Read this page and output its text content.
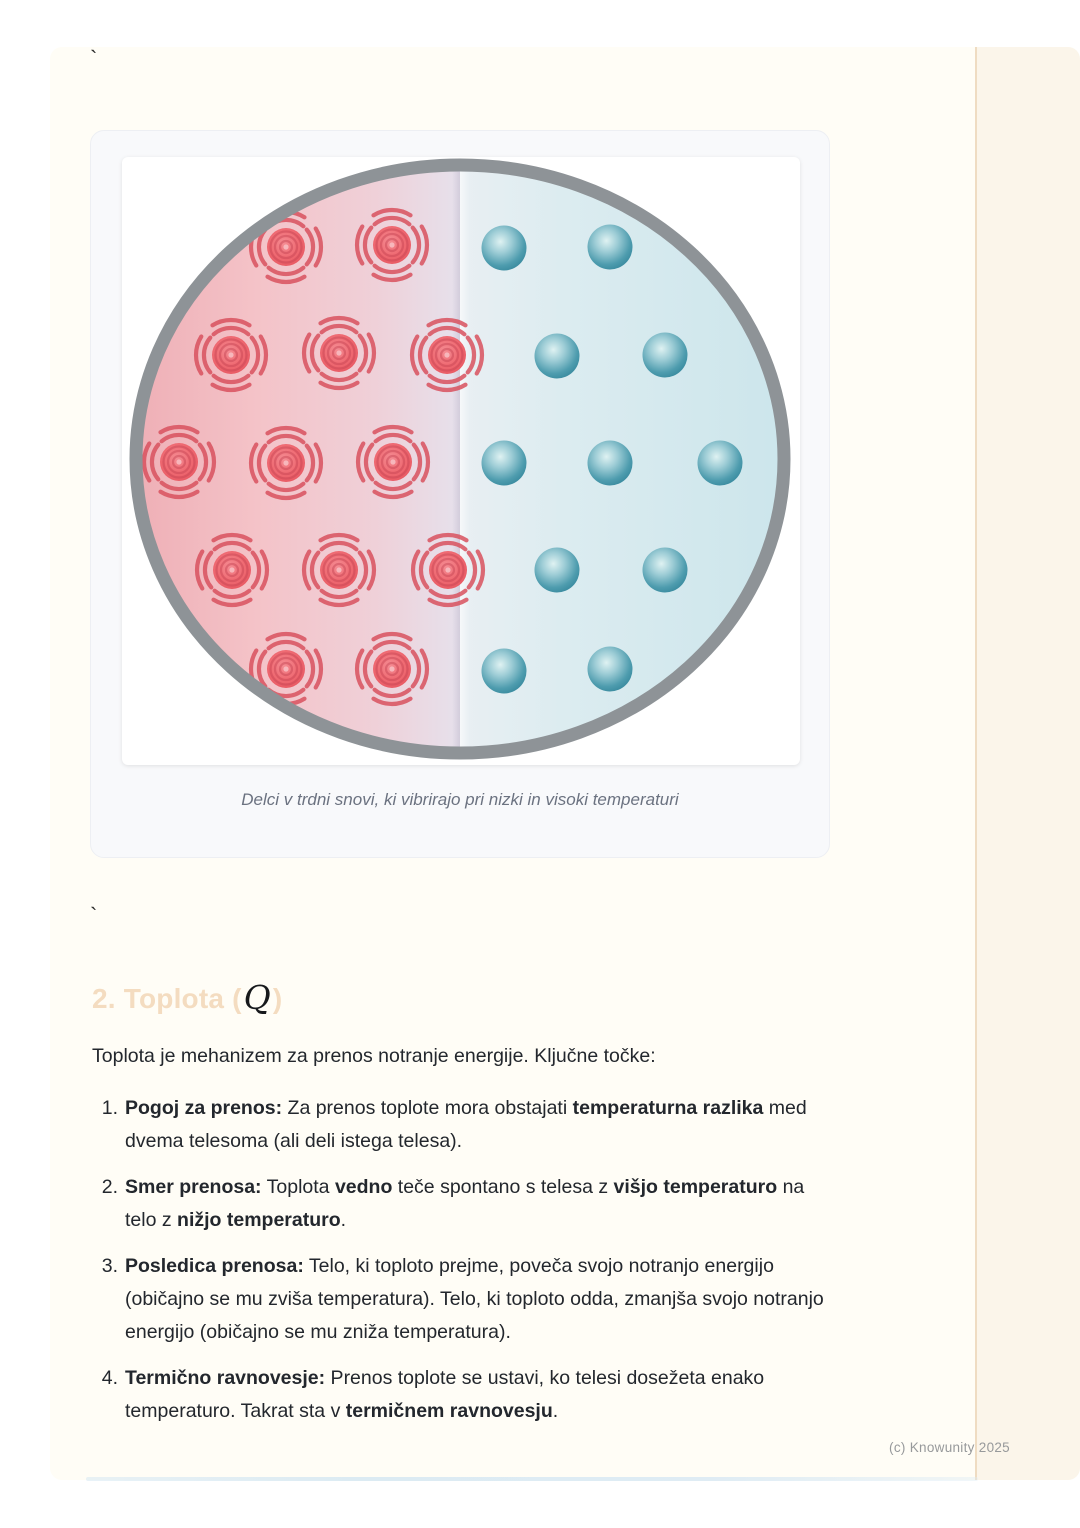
`
Delci v trdni snovi, ki vibrirajo pri nizki in visoki temperaturi
`
2. Toplota (Q)
Toplota je mehanizem za prenos notranje energije. Ključne točke:
1. Pogoj za prenos: Za prenos toplote mora obstajati temperaturna razlika med dvema telesoma (ali deli istega telesa).
2. Smer prenosa: Toplota vedno teče spontano s telesa z višjo temperaturo na telo z nižjo temperaturo.
3. Posledica prenosa: Telo, ki toploto prejme, poveča svojo notranjo energijo (običajno se mu zviša temperatura). Telo, ki toploto odda, zmanjša svojo notranjo energijo (običajno se mu zniža temperatura).
4. Termično ravnovesje: Prenos toplote se ustavi, ko telesi dosežeta enako temperaturo. Takrat sta v termičnem ravnovesju.
(c) Knowunity 2025
